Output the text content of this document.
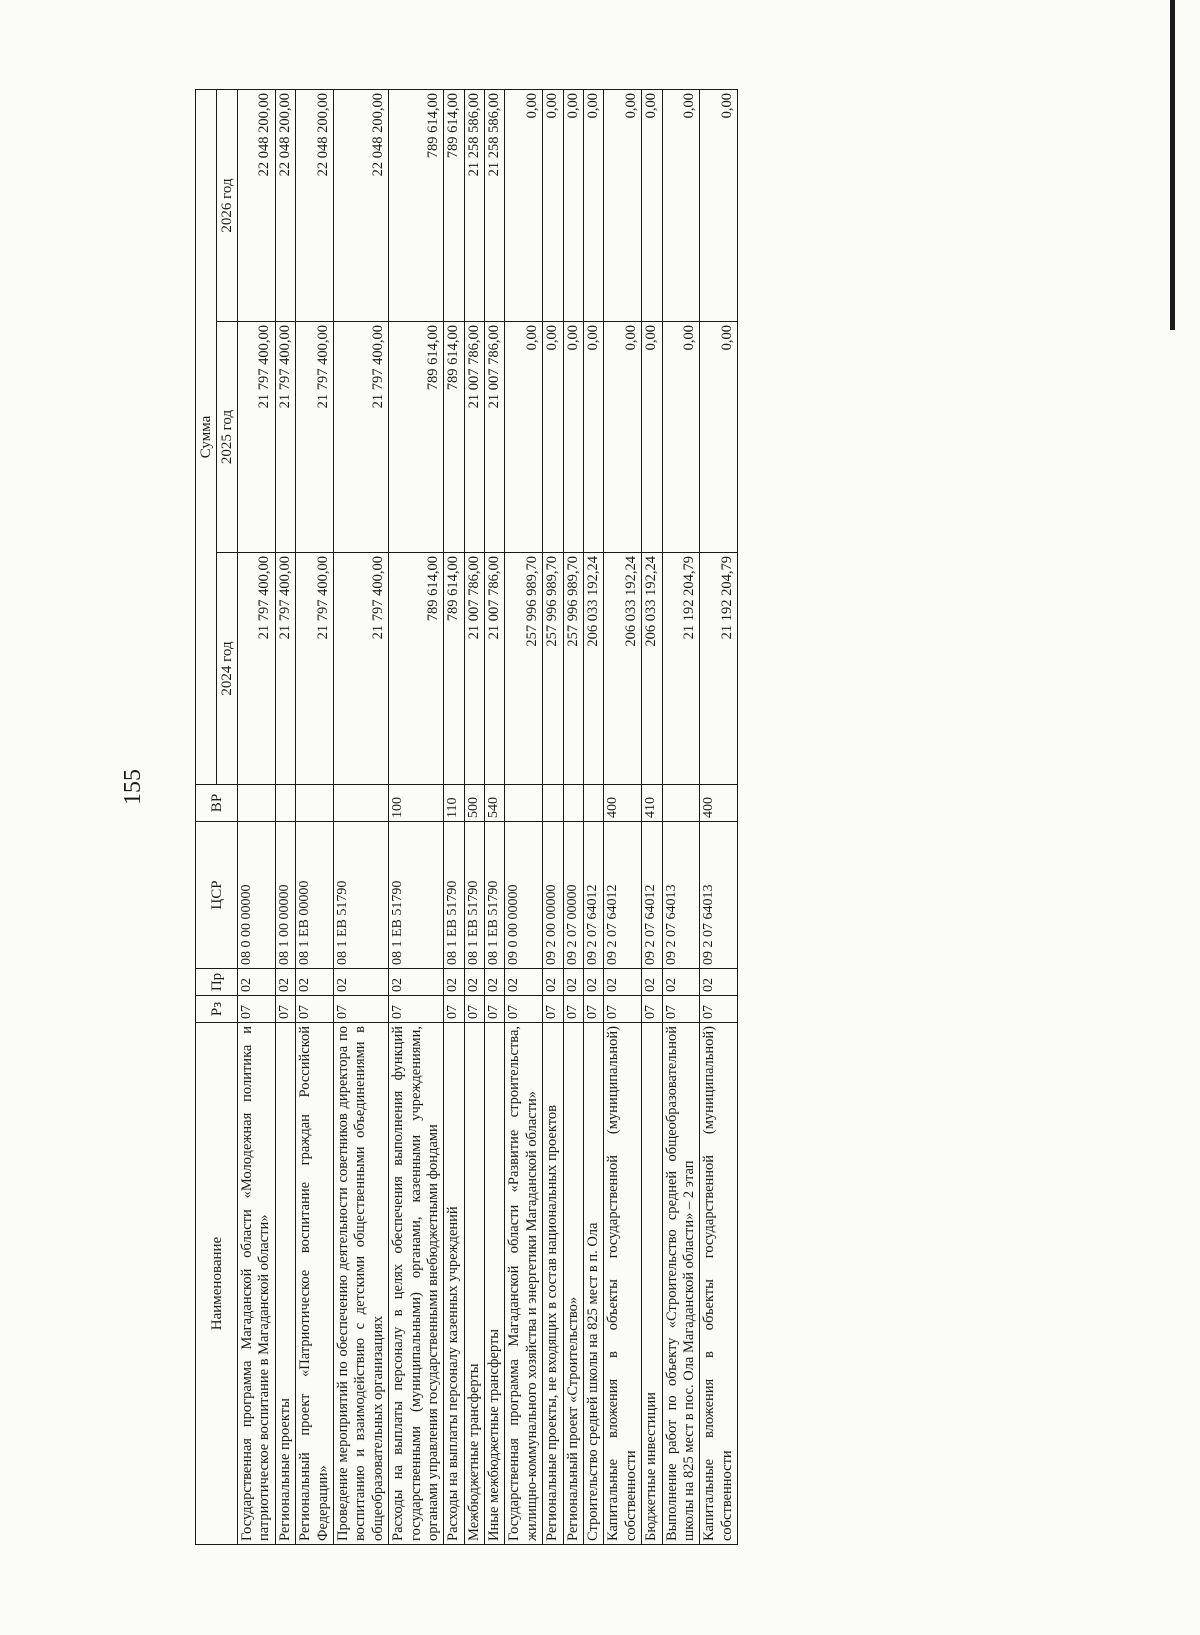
155
Наименование	Рз	Пр	ЦСР	ВР	Сумма		
					2024 год	2025 год	2026 год
Государственная программа Магаданской области «Молодежная политика и патриотическое воспитание в Магаданской области»	07	02	08 0 00 00000		21 797 400,00	21 797 400,00	22 048 200,00
Региональные проекты	07	02	08 1 00 00000		21 797 400,00	21 797 400,00	22 048 200,00
Региональный проект «Патриотическое воспитание граждан Российской Федерации»	07	02	08 1 ЕВ 00000		21 797 400,00	21 797 400,00	22 048 200,00
Проведение мероприятий по обеспечению деятельности советников директора по воспитанию и взаимодействию с детскими общественными объединениями в общеобразовательных организациях	07	02	08 1 ЕВ 51790		21 797 400,00	21 797 400,00	22 048 200,00
Расходы на выплаты персоналу в целях обеспечения выполнения функций государственными (муниципальными) органами, казенными учреждениями, органами управления государственными внебюджетными фондами	07	02	08 1 ЕВ 51790	100	789 614,00	789 614,00	789 614,00
Расходы на выплаты персоналу казенных учреждений	07	02	08 1 ЕВ 51790	110	789 614,00	789 614,00	789 614,00
Межбюджетные трансферты	07	02	08 1 ЕВ 51790	500	21 007 786,00	21 007 786,00	21 258 586,00
Иные межбюджетные трансферты	07	02	08 1 ЕВ 51790	540	21 007 786,00	21 007 786,00	21 258 586,00
Государственная программа Магаданской области «Развитие строительства, жилищно-коммунального хозяйства и энергетики Магаданской области»	07	02	09 0 00 00000		257 996 989,70	0,00	0,00
Региональные проекты, не входящих в состав национальных проектов	07	02	09 2 00 00000		257 996 989,70	0,00	0,00
Региональный проект «Строительство»	07	02	09 2 07 00000		257 996 989,70	0,00	0,00
Строительство средней школы на 825 мест в п. Ола	07	02	09 2 07 64012		206 033 192,24	0,00	0,00
Капитальные вложения в объекты государственной (муниципальной) собственности	07	02	09 2 07 64012	400	206 033 192,24	0,00	0,00
Бюджетные инвестиции	07	02	09 2 07 64012	410	206 033 192,24	0,00	0,00
Выполнение работ по объекту «Строительство средней общеобразовательной школы на 825 мест в пос. Ола Магаданской области» – 2 этап	07	02	09 2 07 64013		21 192 204,79	0,00	0,00
Капитальные вложения в объекты государственной (муниципальной) собственности	07	02	09 2 07 64013	400	21 192 204,79	0,00	0,00
